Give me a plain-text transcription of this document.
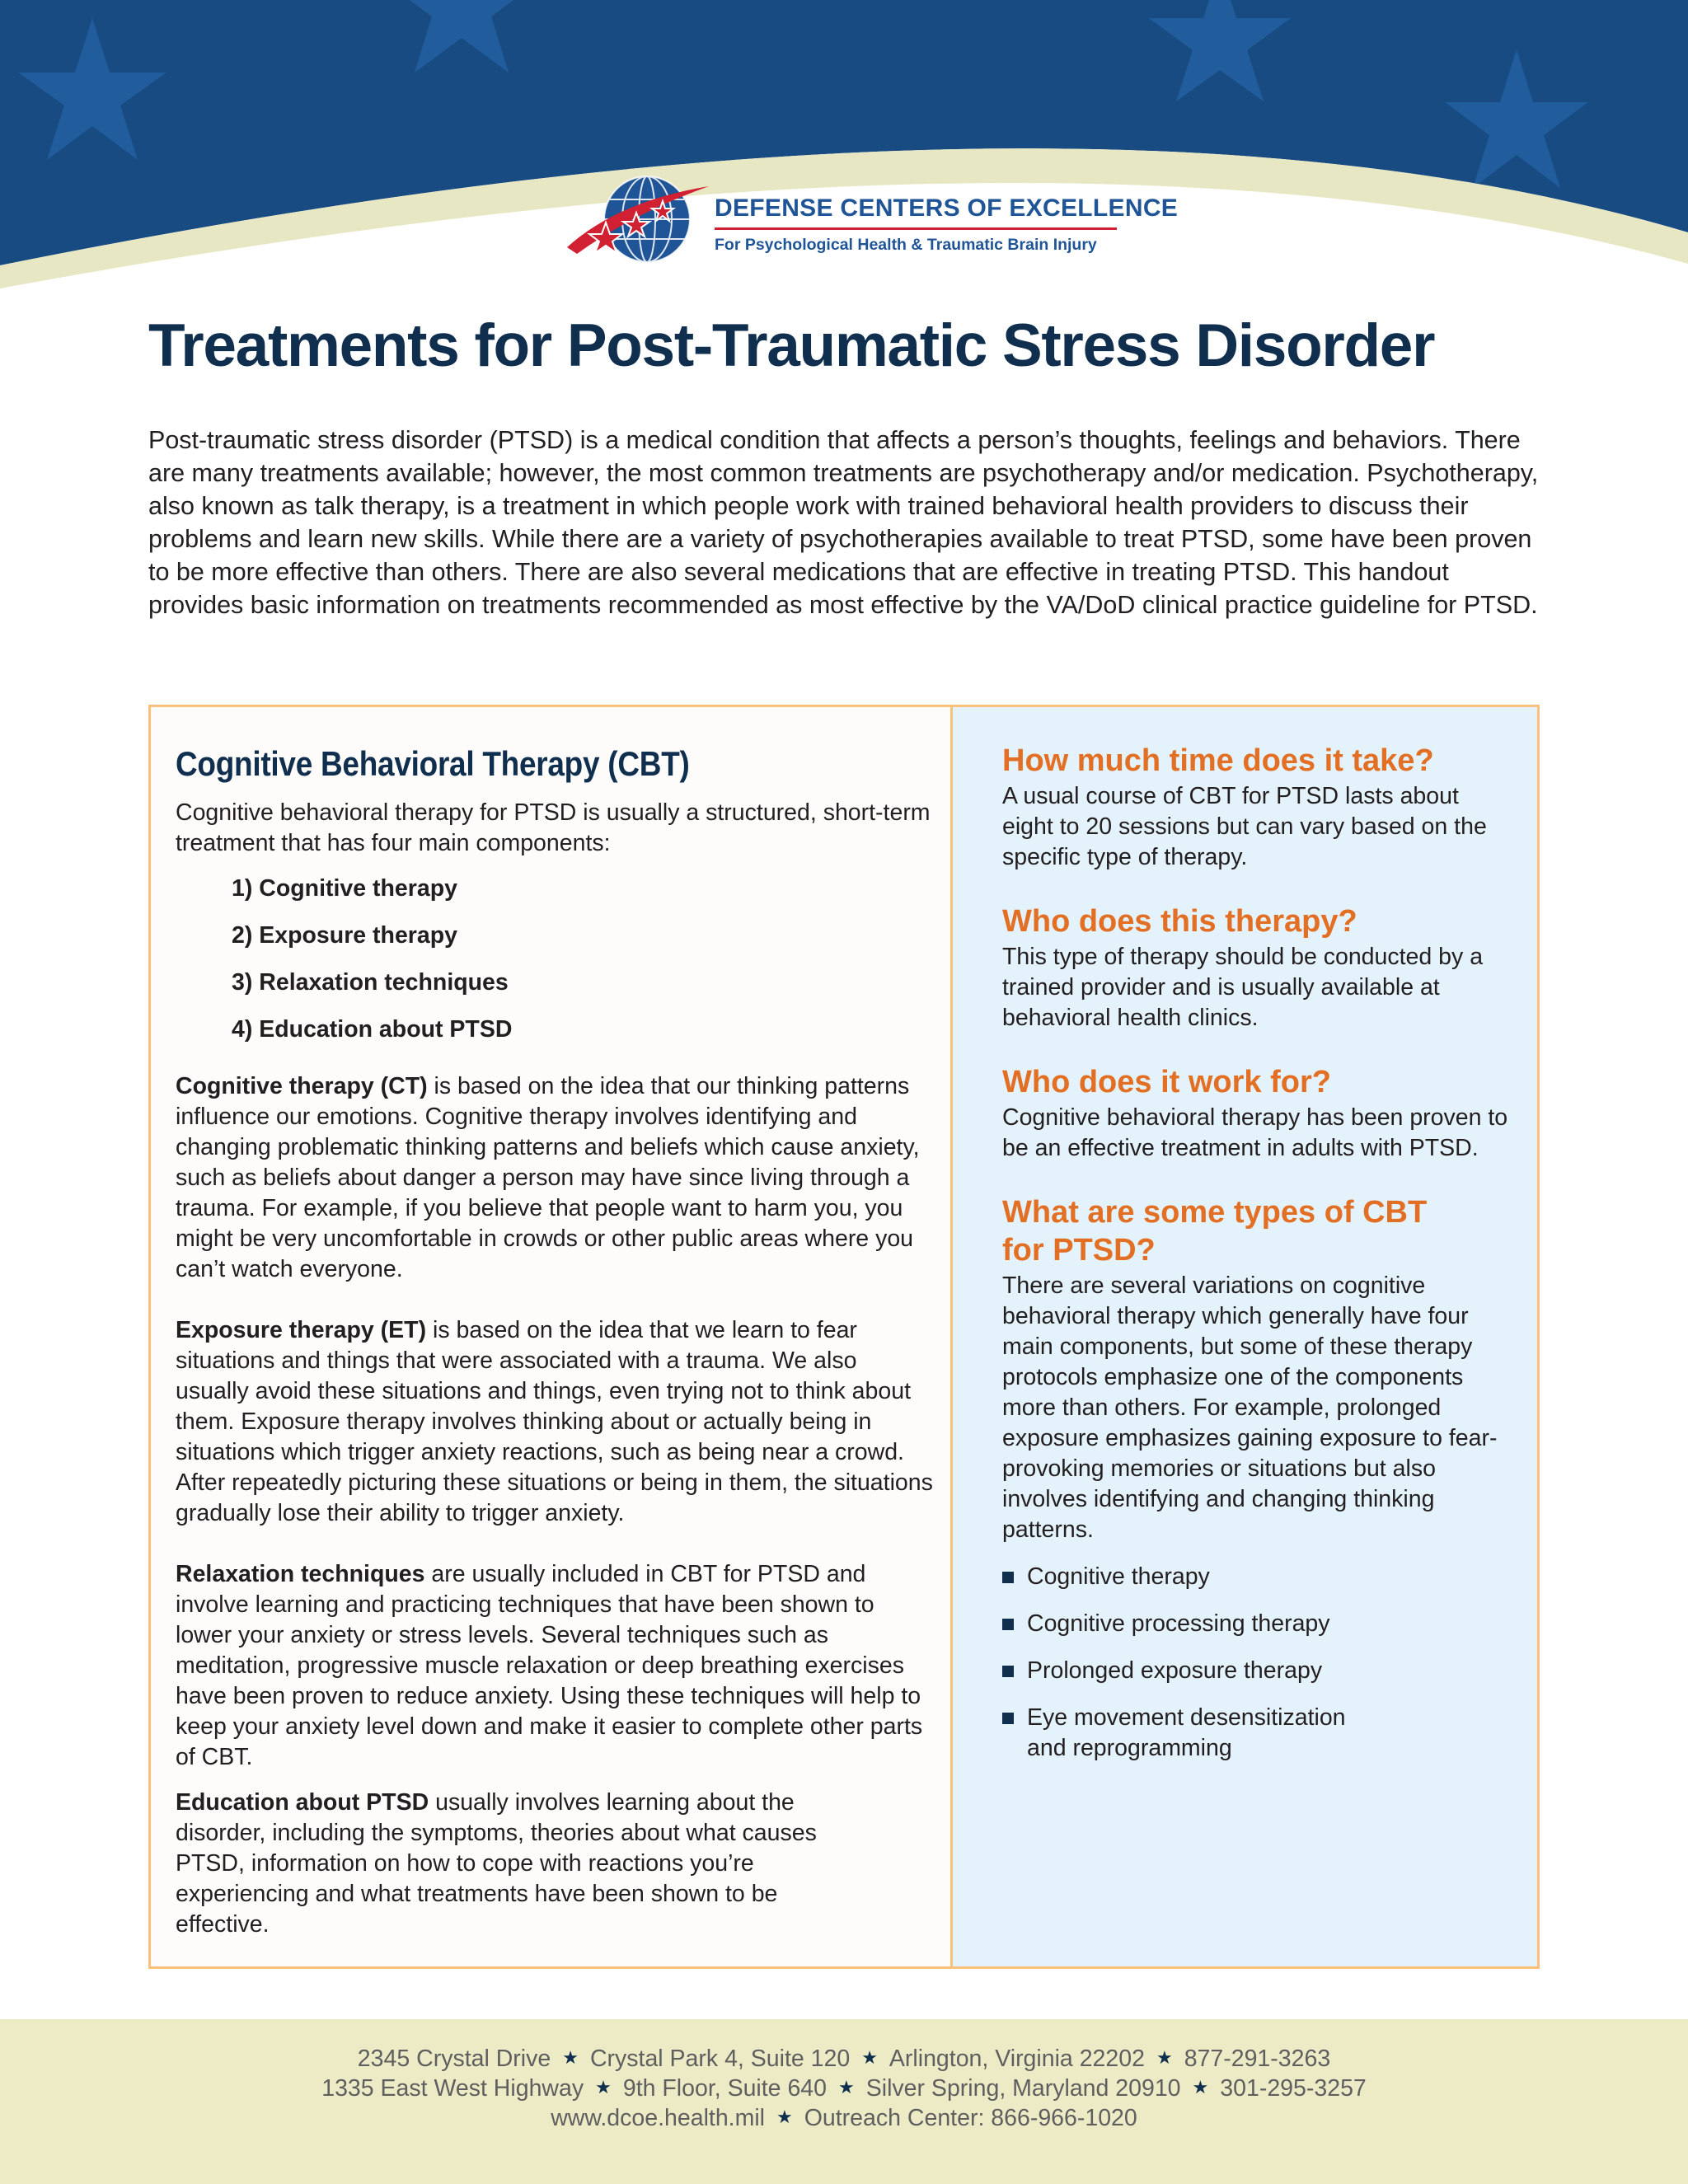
DEFENSE CENTERS OF EXCELLENCE
For Psychological Health & Traumatic Brain Injury
Treatments for Post-Traumatic Stress Disorder

Post-traumatic stress disorder (PTSD) is a medical condition that affects a person’s thoughts, feelings and behaviors. There are many treatments available; however, the most common treatments are psychotherapy and/or medication. Psychotherapy, also known as talk therapy, is a treatment in which people work with trained behavioral health providers to discuss their problems and learn new skills. While there are a variety of psychotherapies available to treat PTSD, some have been proven to be more effective than others. There are also several medications that are effective in treating PTSD. This handout provides basic information on treatments recommended as most effective by the VA/DoD clinical practice guideline for PTSD.

Cognitive Behavioral Therapy (CBT)

Cognitive behavioral therapy for PTSD is usually a structured, short-term treatment that has four main components:

1) Cognitive therapy
2) Exposure therapy
3) Relaxation techniques
4) Education about PTSD

Cognitive therapy (CT) is based on the idea that our thinking patterns influence our emotions. Cognitive therapy involves identifying and changing problematic thinking patterns and beliefs which cause anxiety, such as beliefs about danger a person may have since living through a trauma. For example, if you believe that people want to harm you, you might be very uncomfortable in crowds or other public areas where you can’t watch everyone.

Exposure therapy (ET) is based on the idea that we learn to fear situations and things that were associated with a trauma. We also usually avoid these situations and things, even trying not to think about them. Exposure therapy involves thinking about or actually being in situations which trigger anxiety reactions, such as being near a crowd. After repeatedly picturing these situations or being in them, the situations gradually lose their ability to trigger anxiety.

Relaxation techniques are usually included in CBT for PTSD and involve learning and practicing techniques that have been shown to lower your anxiety or stress levels. Several techniques such as meditation, progressive muscle relaxation or deep breathing exercises have been proven to reduce anxiety. Using these techniques will help to keep your anxiety level down and make it easier to complete other parts of CBT.

Education about PTSD usually involves learning about the disorder, including the symptoms, theories about what causes PTSD, information on how to cope with reactions you’re experiencing and what treatments have been shown to be effective.

How much time does it take?

A usual course of CBT for PTSD lasts about eight to 20 sessions but can vary based on the specific type of therapy.

Who does this therapy?

This type of therapy should be conducted by a trained provider and is usually available at behavioral health clinics.

Who does it work for?

Cognitive behavioral therapy has been proven to be an effective treatment in adults with PTSD.

What are some types of CBT for PTSD?

There are several variations on cognitive behavioral therapy which generally have four main components, but some of these therapy protocols emphasize one of the components more than others. For example, prolonged exposure emphasizes gaining exposure to fear-provoking memories or situations but also involves identifying and changing thinking patterns.

Cognitive therapy
Cognitive processing therapy
Prolonged exposure therapy
Eye movement desensitization and reprogramming
2345 Crystal Drive ★ Crystal Park 4, Suite 120 ★ Arlington, Virginia 22202 ★ 877-291-3263
1335 East West Highway ★ 9th Floor, Suite 640 ★ Silver Spring, Maryland 20910 ★ 301-295-3257
www.dcoe.health.mil ★ Outreach Center: 866-966-1020
